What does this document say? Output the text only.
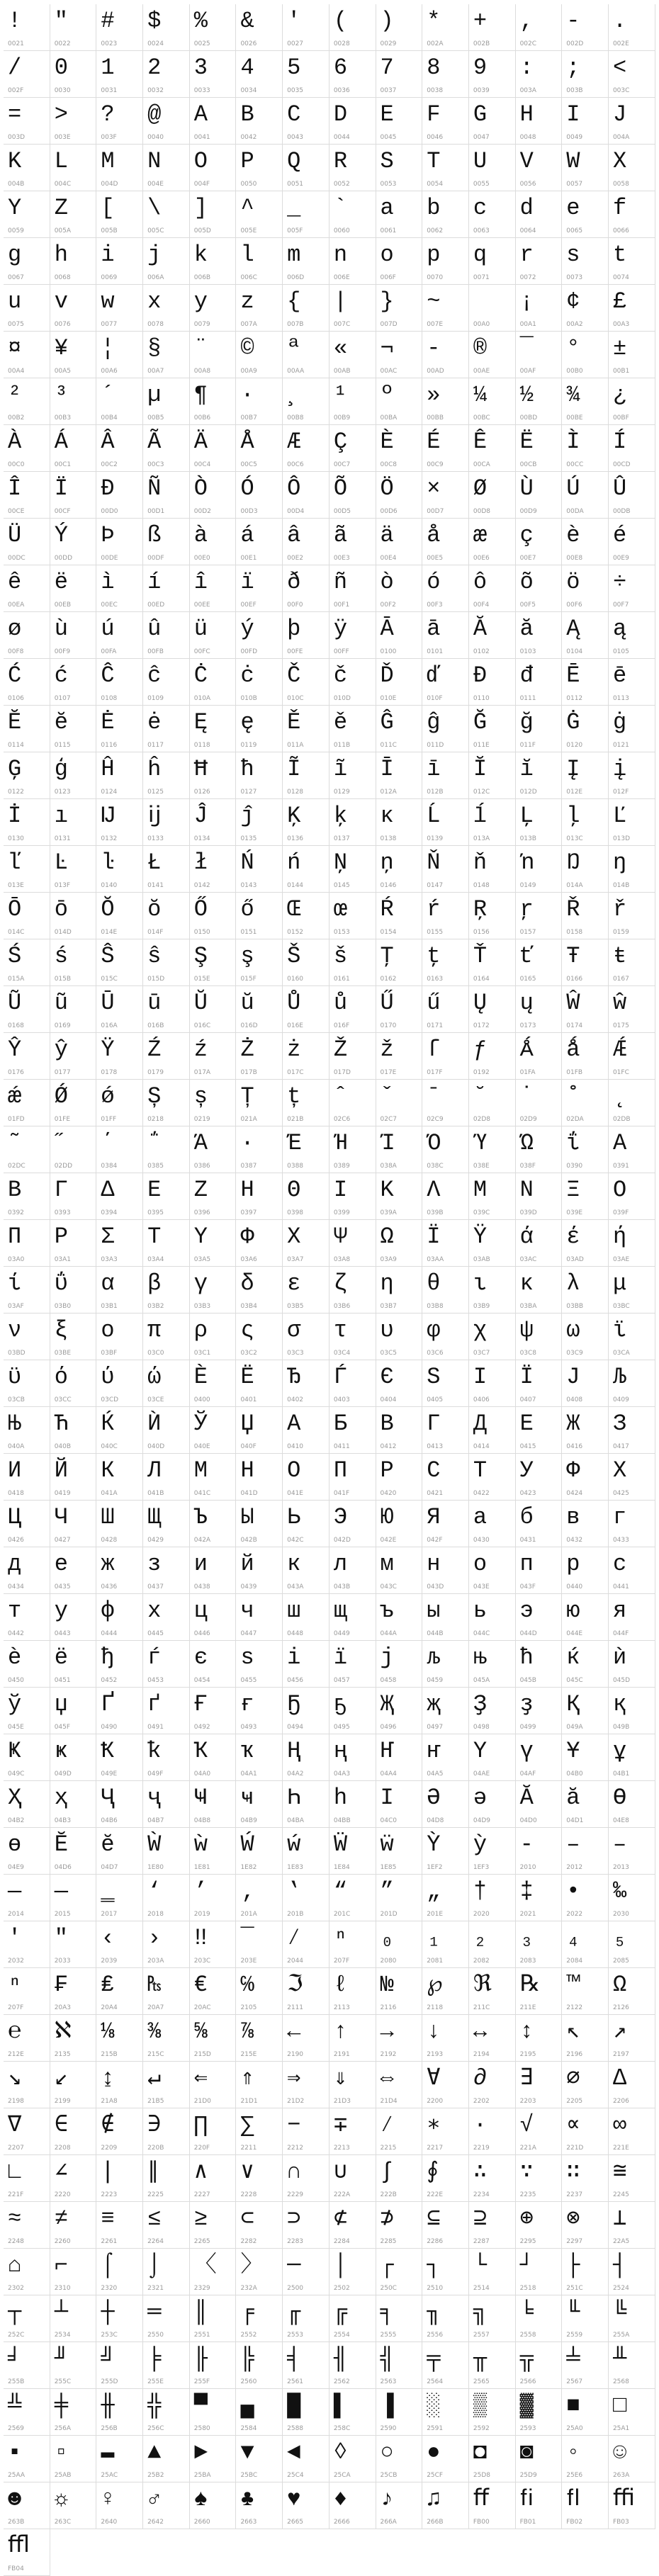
!
0021
"
0022
#
0023
$
0024
%
0025
&
0026
'
0027
(
0028
)
0029
*
002A
+
002B
,
002C
-
002D
.
002E
/
002F
0
0030
1
0031
2
0032
3
0033
4
0034
5
0035
6
0036
7
0037
8
0038
9
0039
:
003A
;
003B
<
003C
=
003D
>
003E
?
003F
@
0040
A
0041
B
0042
C
0043
D
0044
E
0045
F
0046
G
0047
H
0048
I
0049
J
004A
K
004B
L
004C
M
004D
N
004E
O
004F
P
0050
Q
0051
R
0052
S
0053
T
0054
U
0055
V
0056
W
0057
X
0058
Y
0059
Z
005A
[
005B
\
005C
]
005D
^
005E
_
005F
`
0060
a
0061
b
0062
c
0063
d
0064
e
0065
f
0066
g
0067
h
0068
i
0069
j
006A
k
006B
l
006C
m
006D
n
006E
o
006F
p
0070
q
0071
r
0072
s
0073
t
0074
u
0075
v
0076
w
0077
x
0078
y
0079
z
007A
{
007B
|
007C
}
007D
~
007E	00A0
¡
00A1
¢
00A2
£
00A3
¤
00A4
¥
00A5
¦
00A6
§
00A7
¨
00A8
©
00A9
ª
00AA
«
00AB
¬
00AC
-
00AD
®
00AE
¯
00AF
°
00B0
±
00B1
²
00B2
³
00B3
´
00B4
µ
00B5
¶
00B6
·
00B7
¸
00B8
¹
00B9
º
00BA
»
00BB
¼
00BC
½
00BD
¾
00BE
¿
00BF
À
00C0
Á
00C1
Â
00C2
Ã
00C3
Ä
00C4
Å
00C5
Æ
00C6
Ç
00C7
È
00C8
É
00C9
Ê
00CA
Ë
00CB
Ì
00CC
Í
00CD
Î
00CE
Ï
00CF
Ð
00D0
Ñ
00D1
Ò
00D2
Ó
00D3
Ô
00D4
Õ
00D5
Ö
00D6
×
00D7
Ø
00D8
Ù
00D9
Ú
00DA
Û
00DB
Ü
00DC
Ý
00DD
Þ
00DE
ß
00DF
à
00E0
á
00E1
â
00E2
ã
00E3
ä
00E4
å
00E5
æ
00E6
ç
00E7
è
00E8
é
00E9
ê
00EA
ë
00EB
ì
00EC
í
00ED
î
00EE
ï
00EF
ð
00F0
ñ
00F1
ò
00F2
ó
00F3
ô
00F4
õ
00F5
ö
00F6
÷
00F7
ø
00F8
ù
00F9
ú
00FA
û
00FB
ü
00FC
ý
00FD
þ
00FE
ÿ
00FF
Ā
0100
ā
0101
Ă
0102
ă
0103
Ą
0104
ą
0105
Ć
0106
ć
0107
Ĉ
0108
ĉ
0109
Ċ
010A
ċ
010B
Č
010C
č
010D
Ď
010E
ď
010F
Đ
0110
đ
0111
Ē
0112
ē
0113
Ĕ
0114
ĕ
0115
Ė
0116
ė
0117
Ę
0118
ę
0119
Ě
011A
ě
011B
Ĝ
011C
ĝ
011D
Ğ
011E
ğ
011F
Ġ
0120
ġ
0121
Ģ
0122
ģ
0123
Ĥ
0124
ĥ
0125
Ħ
0126
ħ
0127
Ĩ
0128
ĩ
0129
Ī
012A
ī
012B
Ĭ
012C
ĭ
012D
Į
012E
į
012F
İ
0130
ı
0131
Ĳ
0132
ĳ
0133
Ĵ
0134
ĵ
0135
Ķ
0136
ķ
0137
ĸ
0138
Ĺ
0139
ĺ
013A
Ļ
013B
ļ
013C
Ľ
013D
ľ
013E
Ŀ
013F
ŀ
0140
Ł
0141
ł
0142
Ń
0143
ń
0144
Ņ
0145
ņ
0146
Ň
0147
ň
0148
ŉ
0149
Ŋ
014A
ŋ
014B
Ō
014C
ō
014D
Ŏ
014E
ŏ
014F
Ő
0150
ő
0151
Œ
0152
œ
0153
Ŕ
0154
ŕ
0155
Ŗ
0156
ŗ
0157
Ř
0158
ř
0159
Ś
015A
ś
015B
Ŝ
015C
ŝ
015D
Ş
015E
ş
015F
Š
0160
š
0161
Ţ
0162
ţ
0163
Ť
0164
ť
0165
Ŧ
0166
ŧ
0167
Ũ
0168
ũ
0169
Ū
016A
ū
016B
Ŭ
016C
ŭ
016D
Ů
016E
ů
016F
Ű
0170
ű
0171
Ų
0172
ų
0173
Ŵ
0174
ŵ
0175
Ŷ
0176
ŷ
0177
Ÿ
0178
Ź
0179
ź
017A
Ż
017B
ż
017C
Ž
017D
ž
017E
ſ
017F
ƒ
0192
Ǻ
01FA
ǻ
01FB
Ǽ
01FC
ǽ
01FD
Ǿ
01FE
ǿ
01FF
Ș
0218
ș
0219
Ț
021A
ț
021B
ˆ
02C6
ˇ
02C7
ˉ
02C9
˘
02D8
˙
02D9
˚
02DA
˛
02DB
˜
02DC
˝
02DD
΄
0384
΅
0385
Ά
0386
·
0387
Έ
0388
Ή
0389
Ί
038A
Ό
038C
Ύ
038E
Ώ
038F
ΐ
0390
Α
0391
Β
0392
Γ
0393
Δ
0394
Ε
0395
Ζ
0396
Η
0397
Θ
0398
Ι
0399
Κ
039A
Λ
039B
Μ
039C
Ν
039D
Ξ
039E
Ο
039F
Π
03A0
Ρ
03A1
Σ
03A3
Τ
03A4
Υ
03A5
Φ
03A6
Χ
03A7
Ψ
03A8
Ω
03A9
Ϊ
03AA
Ϋ
03AB
ά
03AC
έ
03AD
ή
03AE
ί
03AF
ΰ
03B0
α
03B1
β
03B2
γ
03B3
δ
03B4
ε
03B5
ζ
03B6
η
03B7
θ
03B8
ι
03B9
κ
03BA
λ
03BB
μ
03BC
ν
03BD
ξ
03BE
ο
03BF
π
03C0
ρ
03C1
ς
03C2
σ
03C3
τ
03C4
υ
03C5
φ
03C6
χ
03C7
ψ
03C8
ω
03C9
ϊ
03CA
ϋ
03CB
ό
03CC
ύ
03CD
ώ
03CE
Ѐ
0400
Ё
0401
Ђ
0402
Ѓ
0403
Є
0404
Ѕ
0405
І
0406
Ї
0407
Ј
0408
Љ
0409
Њ
040A
Ћ
040B
Ќ
040C
Ѝ
040D
Ў
040E
Џ
040F
А
0410
Б
0411
В
0412
Г
0413
Д
0414
Е
0415
Ж
0416
З
0417
И
0418
Й
0419
К
041A
Л
041B
М
041C
Н
041D
О
041E
П
041F
Р
0420
С
0421
Т
0422
У
0423
Ф
0424
Х
0425
Ц
0426
Ч
0427
Ш
0428
Щ
0429
Ъ
042A
Ы
042B
Ь
042C
Э
042D
Ю
042E
Я
042F
а
0430
б
0431
в
0432
г
0433
д
0434
е
0435
ж
0436
з
0437
и
0438
й
0439
к
043A
л
043B
м
043C
н
043D
о
043E
п
043F
р
0440
с
0441
т
0442
у
0443
ф
0444
х
0445
ц
0446
ч
0447
ш
0448
щ
0449
ъ
044A
ы
044B
ь
044C
э
044D
ю
044E
я
044F
ѐ
0450
ё
0451
ђ
0452
ѓ
0453
є
0454
ѕ
0455
і
0456
ї
0457
ј
0458
љ
0459
њ
045A
ћ
045B
ќ
045C
ѝ
045D
ў
045E
џ
045F
Ґ
0490
ґ
0491
Ғ
0492
ғ
0493
Ҕ
0494
ҕ
0495
Җ
0496
җ
0497
Ҙ
0498
ҙ
0499
Қ
049A
қ
049B
Ҝ
049C
ҝ
049D
Ҟ
049E
ҟ
049F
Ҡ
04A0
ҡ
04A1
Ң
04A2
ң
04A3
Ҥ
04A4
ҥ
04A5
Ү
04AE
ү
04AF
Ұ
04B0
ұ
04B1
Ҳ
04B2
ҳ
04B3
Ҷ
04B6
ҷ
04B7
Ҹ
04B8
ҹ
04B9
Һ
04BA
һ
04BB
Ӏ
04C0
Ә
04D8
ә
04D9
Ӑ
04D0
ӑ
04D1
Ө
04E8
ө
04E9
Ӗ
04D6
ӗ
04D7
Ẁ
1E80
ẁ
1E81
Ẃ
1E82
ẃ
1E83
Ẅ
1E84
ẅ
1E85
Ỳ
1EF2
ỳ
1EF3
‐
2010
‒
2012
–
2013
—
2014
―
2015
‗
2017
‘
2018
’
2019
‚
201A
‛
201B
“
201C
”
201D
„
201E
†
2020
‡
2021
•
2022
‰
2030
′
2032
″
2033
‹
2039
›
203A
‼
203C
‾
203E
⁄
2044
ⁿ
207F
₀
2080
₁
2081
₂
2082
₃
2083
₄
2084
₅
2085
ⁿ
207F
₣
20A3
₤
20A4
₧
20A7
€
20AC
℅
2105
ℑ
2111
ℓ
2113
№
2116
℘
2118
ℜ
211C
℞
211E
™
2122
Ω
2126
℮
212E
ℵ
2135
⅛
215B
⅜
215C
⅝
215D
⅞
215E
←
2190
↑
2191
→
2192
↓
2193
↔
2194
↕
2195
↖
2196
↗
2197
↘
2198
↙
2199
↨
21A8
↵
21B5
⇐
21D0
⇑
21D1
⇒
21D2
⇓
21D3
⇔
21D4
∀
2200
∂
2202
∃
2203
∅
2205
∆
2206
∇
2207
∈
2208
∉
2209
∋
220B
∏
220F
∑
2211
−
2212
∓
2213
∕
2215
∗
2217
∙
2219
√
221A
∝
221D
∞
221E
∟
221F
∠
2220
∣
2223
∥
2225
∧
2227
∨
2228
∩
2229
∪
222A
∫
222B
∮
222E
∴
2234
∵
2235
∷
2237
≅
2245
≈
2248
≠
2260
≡
2261
≤
2264
≥
2265
⊂
2282
⊃
2283
⊄
2284
⊅
2285
⊆
2286
⊇
2287
⊕
2295
⊗
2297
⊥
22A5
⌂
2302
⌐
2310
⌠
2320
⌡
2321
〈
2329
〉
232A
─
2500
│
2502
┌
250C
┐
2510
└
2514
┘
2518
├
251C
┤
2524
┬
252C
┴
2534
┼
253C
═
2550
║
2551
╒
2552
╓
2553
╔
2554
╕
2555
╖
2556
╗
2557
╘
2558
╙
2559
╚
255A
╛
255B
╜
255C
╝
255D
╞
255E
╟
255F
╠
2560
╡
2561
╢
2562
╣
2563
╤
2564
╥
2565
╦
2566
╧
2567
╨
2568
╩
2569
╪
256A
╫
256B
╬
256C
▀
2580
▄
2584
█
2588
▌
258C
▐
2590
░
2591
▒
2592
▓
2593
■
25A0
□
25A1
▪
25AA
▫
25AB
▬
25AC
▲
25B2
►
25BA
▼
25BC
◄
25C4
◊
25CA
○
25CB
●
25CF
◘
25D8
◙
25D9
◦
25E6
☺
263A
☻
263B
☼
263C
♀
2640
♂
2642
♠
2660
♣
2663
♥
2665
♦
2666
♪
266A
♫
266B
ﬀ
FB00
ﬁ
FB01
ﬂ
FB02
ﬃ
FB03
ﬄ
FB04
